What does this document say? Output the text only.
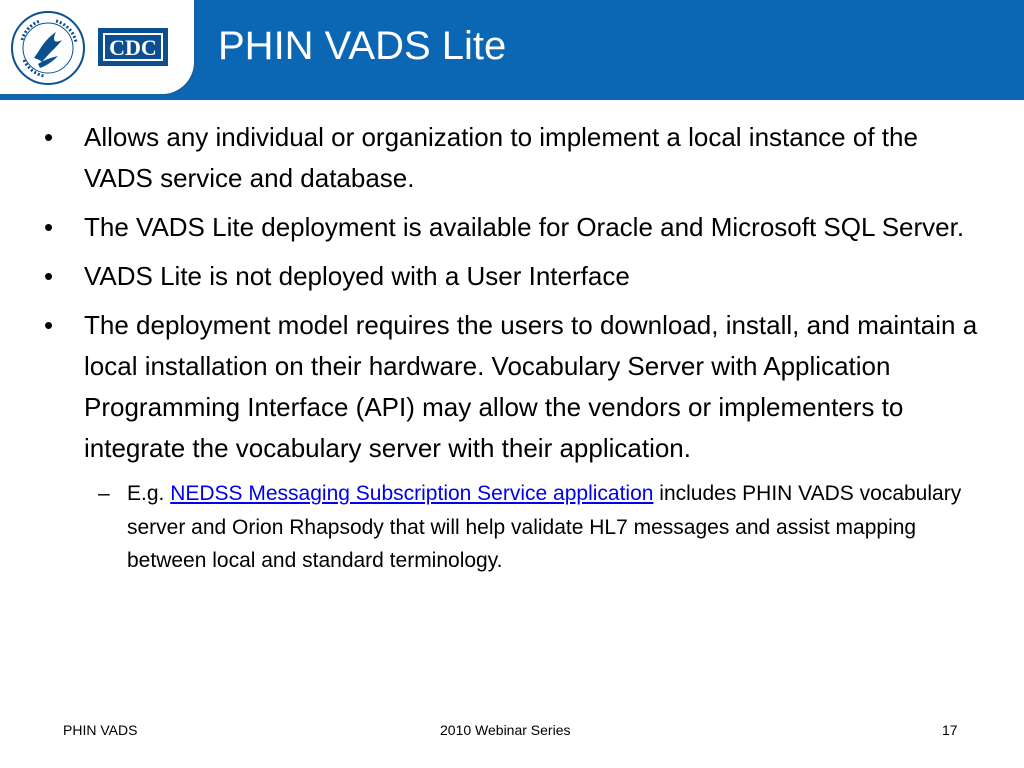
CDC PHIN VADS Lite
• Allows any individual or organization to implement a local instance of the VADS service and database.
• The VADS Lite deployment is available for Oracle and Microsoft SQL Server.
• VADS Lite is not deployed with a User Interface
• The deployment model requires the users to download, install, and maintain a local installation on their hardware. Vocabulary Server with Application Programming Interface (API) may allow the vendors or implementers to integrate the vocabulary server with their application.
– E.g. NEDSS Messaging Subscription Service application includes PHIN VADS vocabulary server and Orion Rhapsody that will help validate HL7 messages and assist mapping between local and standard terminology.
PHIN VADS	2010 Webinar Series	17
